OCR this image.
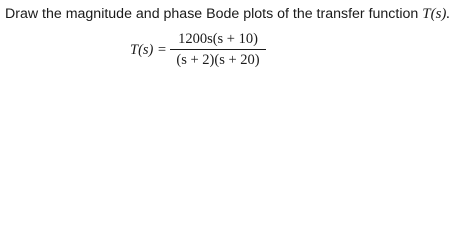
Draw the magnitude and phase Bode plots of the transfer function T(s).
T(s) =
1200s(s + 10)
(s + 2)(s + 20)
